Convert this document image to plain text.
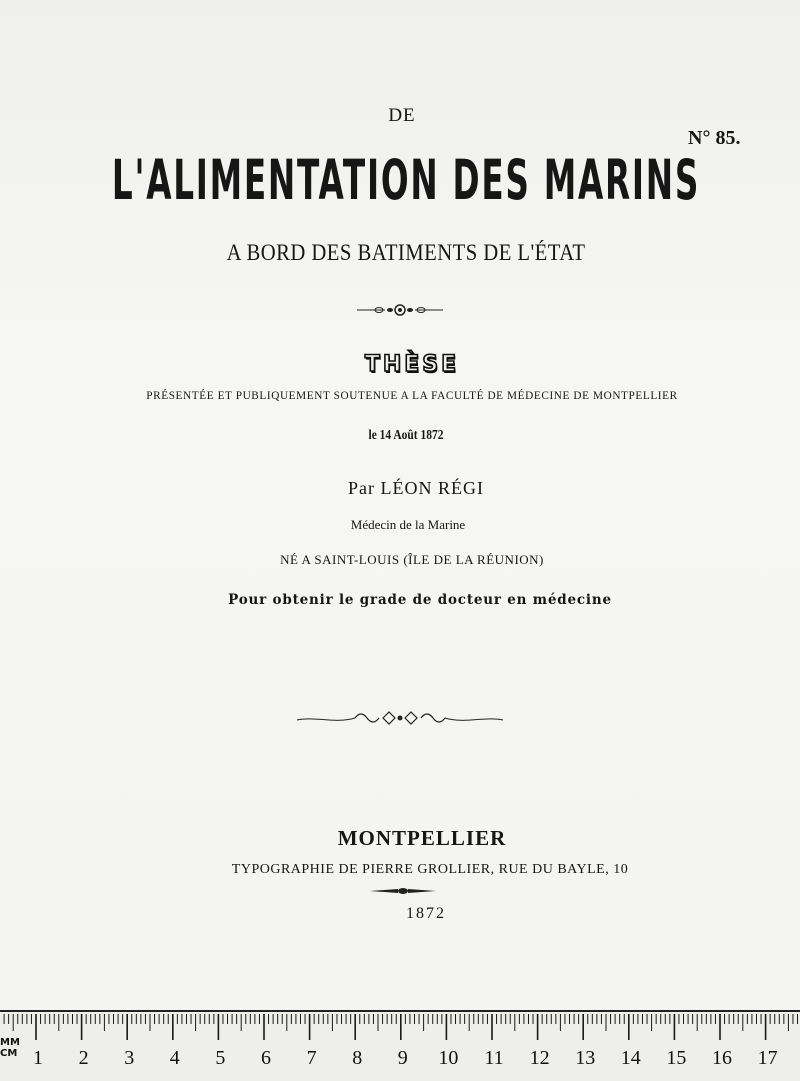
DE
N° 85.
L'ALIMENTATION DES MARINS
A BORD DES BATIMENTS DE L'ÉTAT
THÈSE
PRÉSENTÉE ET PUBLIQUEMENT SOUTENUE A LA FACULTÉ DE MÉDECINE DE MONTPELLIER
le 14 Août 1872
Par LÉON RÉGI
Médecin de la Marine
NÉ A SAINT-LOUIS (ÎLE DE LA RÉUNION)
Pour obtenir le grade de docteur en médecine
MONTPELLIER
TYPOGRAPHIE DE PIERRE GROLLIER, RUE DU BAYLE, 10
1872
1 2 3 4 5 6 7 8 9 10 11 12 13 14 15 16 17
MM
CM
